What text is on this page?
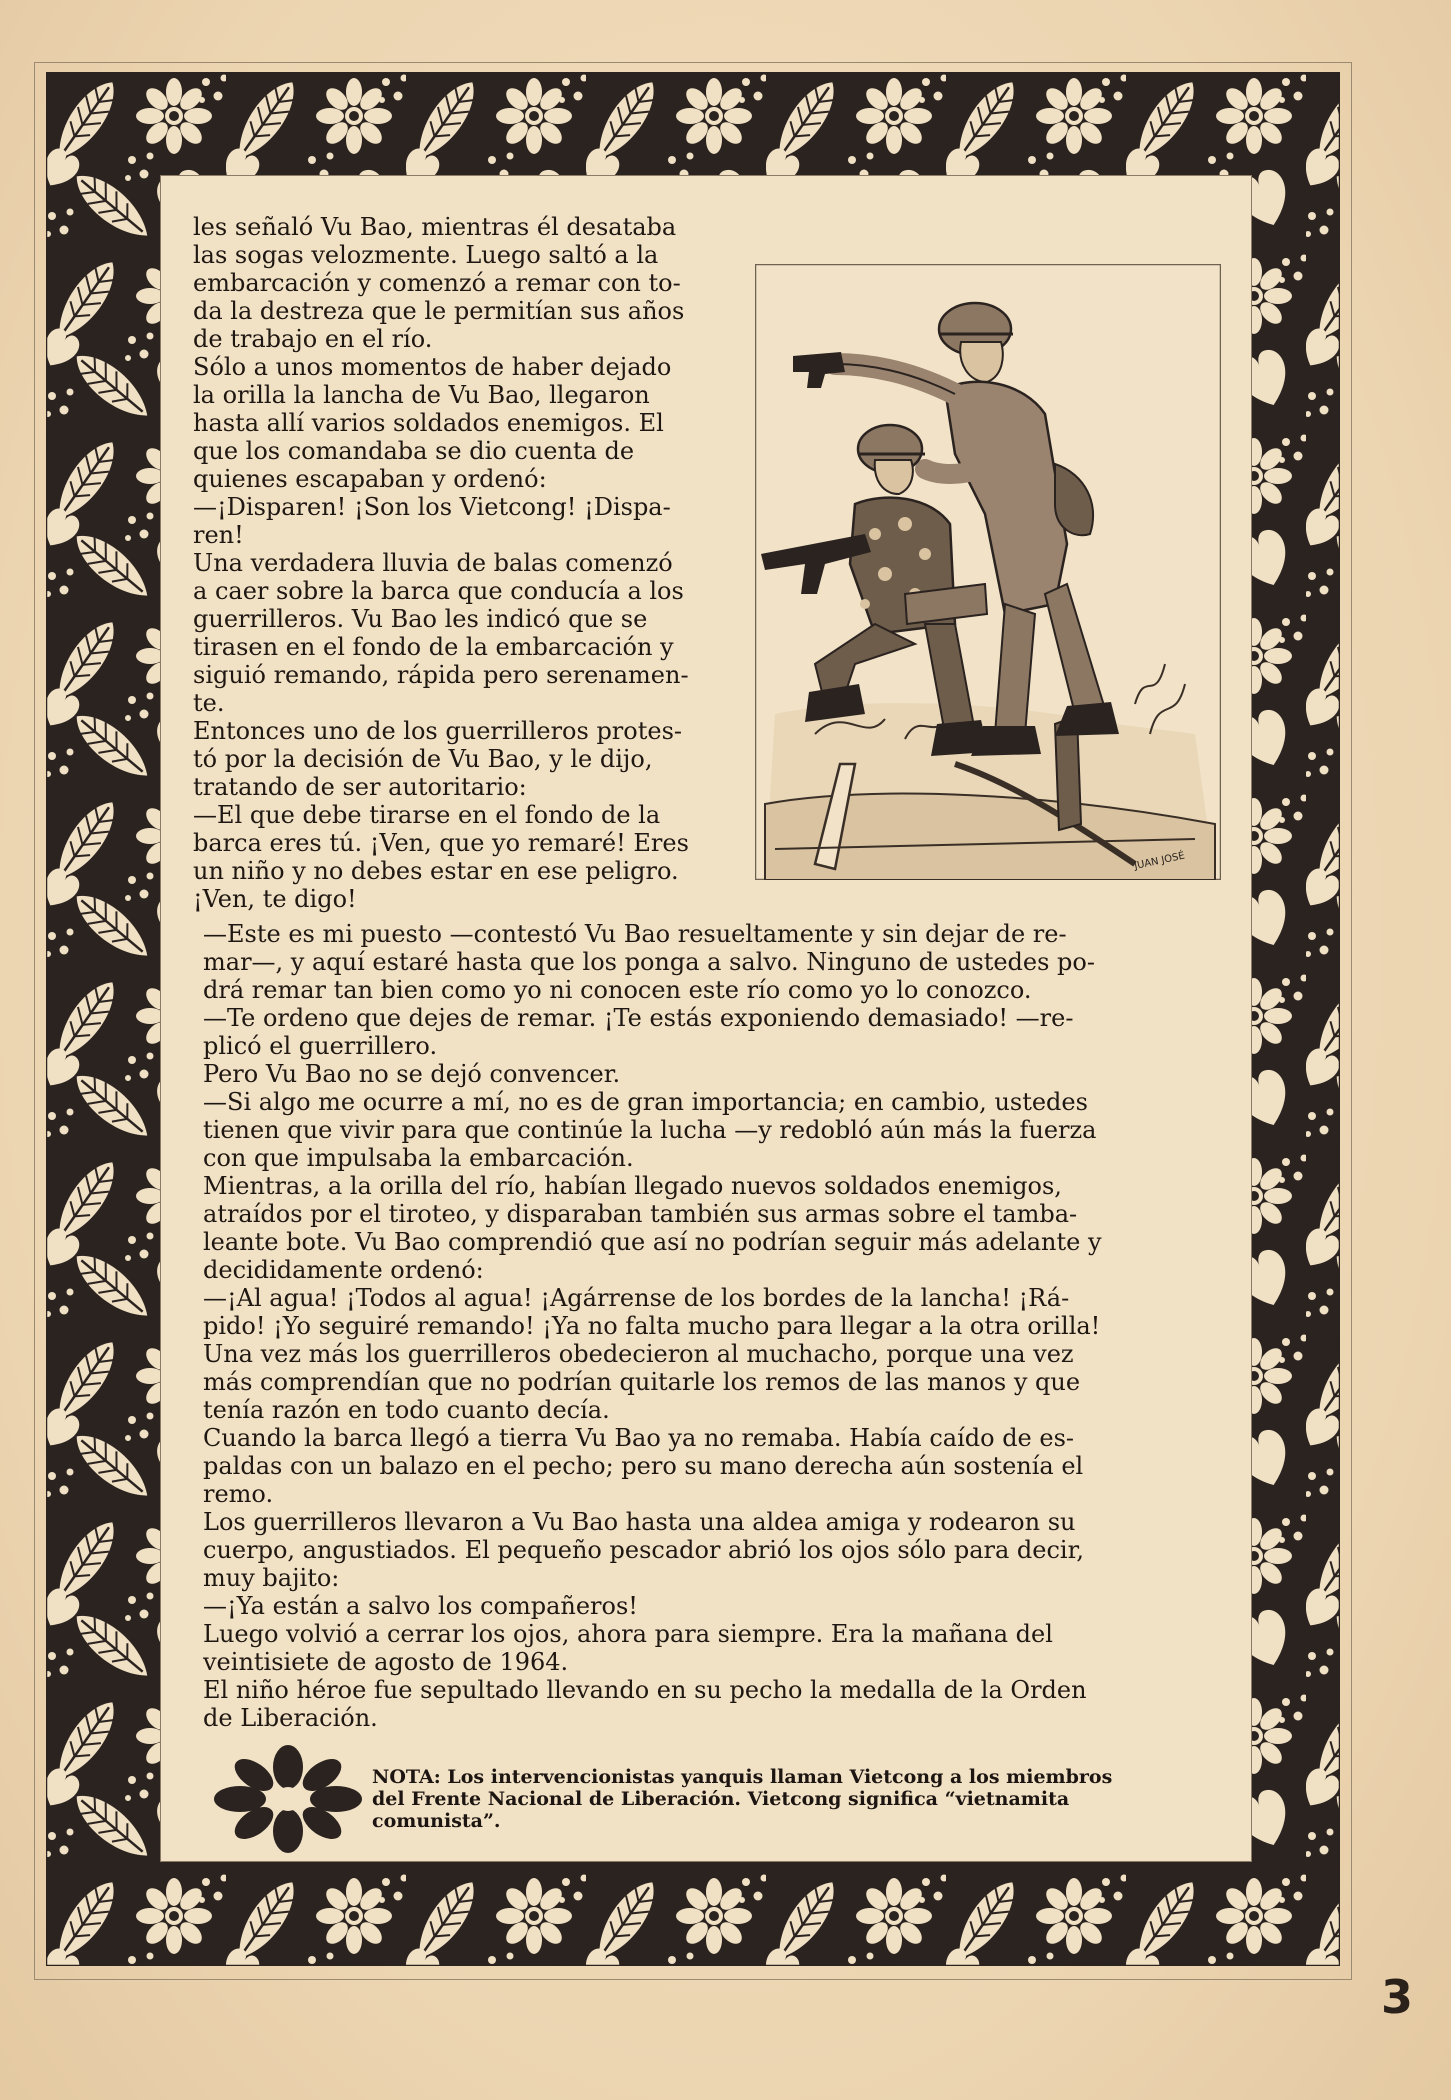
les señaló Vu Bao, mientras él desataba
las sogas velozmente. Luego saltó a la
embarcación y comenzó a remar con to-
da la destreza que le permitían sus años
de trabajo en el río.
Sólo a unos momentos de haber dejado
la orilla la lancha de Vu Bao, llegaron
hasta allí varios soldados enemigos. El
que los comandaba se dio cuenta de
quienes escapaban y ordenó:
—¡Disparen! ¡Son los Vietcong! ¡Dispa-
ren!
Una verdadera lluvia de balas comenzó
a caer sobre la barca que conducía a los
guerrilleros. Vu Bao les indicó que se
tirasen en el fondo de la embarcación y
siguió remando, rápida pero serenamen-
te.
Entonces uno de los guerrilleros protes-
tó por la decisión de Vu Bao, y le dijo,
tratando de ser autoritario:
—El que debe tirarse en el fondo de la
barca eres tú. ¡Ven, que yo remaré! Eres
un niño y no debes estar en ese peligro.
¡Ven, te digo!
JUAN JOSÉ
—Este es mi puesto —contestó Vu Bao resueltamente y sin dejar de re-
mar—, y aquí estaré hasta que los ponga a salvo. Ninguno de ustedes po-
drá remar tan bien como yo ni conocen este río como yo lo conozco.
—Te ordeno que dejes de remar. ¡Te estás exponiendo demasiado! —re-
plicó el guerrillero.
Pero Vu Bao no se dejó convencer.
—Si algo me ocurre a mí, no es de gran importancia; en cambio, ustedes
tienen que vivir para que continúe la lucha —y redobló aún más la fuerza
con que impulsaba la embarcación.
Mientras, a la orilla del río, habían llegado nuevos soldados enemigos,
atraídos por el tiroteo, y disparaban también sus armas sobre el tamba-
leante bote. Vu Bao comprendió que así no podrían seguir más adelante y
decididamente ordenó:
—¡Al agua! ¡Todos al agua! ¡Agárrense de los bordes de la lancha! ¡Rá-
pido! ¡Yo seguiré remando! ¡Ya no falta mucho para llegar a la otra orilla!
Una vez más los guerrilleros obedecieron al muchacho, porque una vez
más comprendían que no podrían quitarle los remos de las manos y que
tenía razón en todo cuanto decía.
Cuando la barca llegó a tierra Vu Bao ya no remaba. Había caído de es-
paldas con un balazo en el pecho; pero su mano derecha aún sostenía el
remo.
Los guerrilleros llevaron a Vu Bao hasta una aldea amiga y rodearon su
cuerpo, angustiados. El pequeño pescador abrió los ojos sólo para decir,
muy bajito:
—¡Ya están a salvo los compañeros!
Luego volvió a cerrar los ojos, ahora para siempre. Era la mañana del
veintisiete de agosto de 1964.
El niño héroe fue sepultado llevando en su pecho la medalla de la Orden
de Liberación.
NOTA: Los intervencionistas yanquis llaman Vietcong a los miembros
del Frente Nacional de Liberación. Vietcong significa “vietnamita
comunista”.
3
